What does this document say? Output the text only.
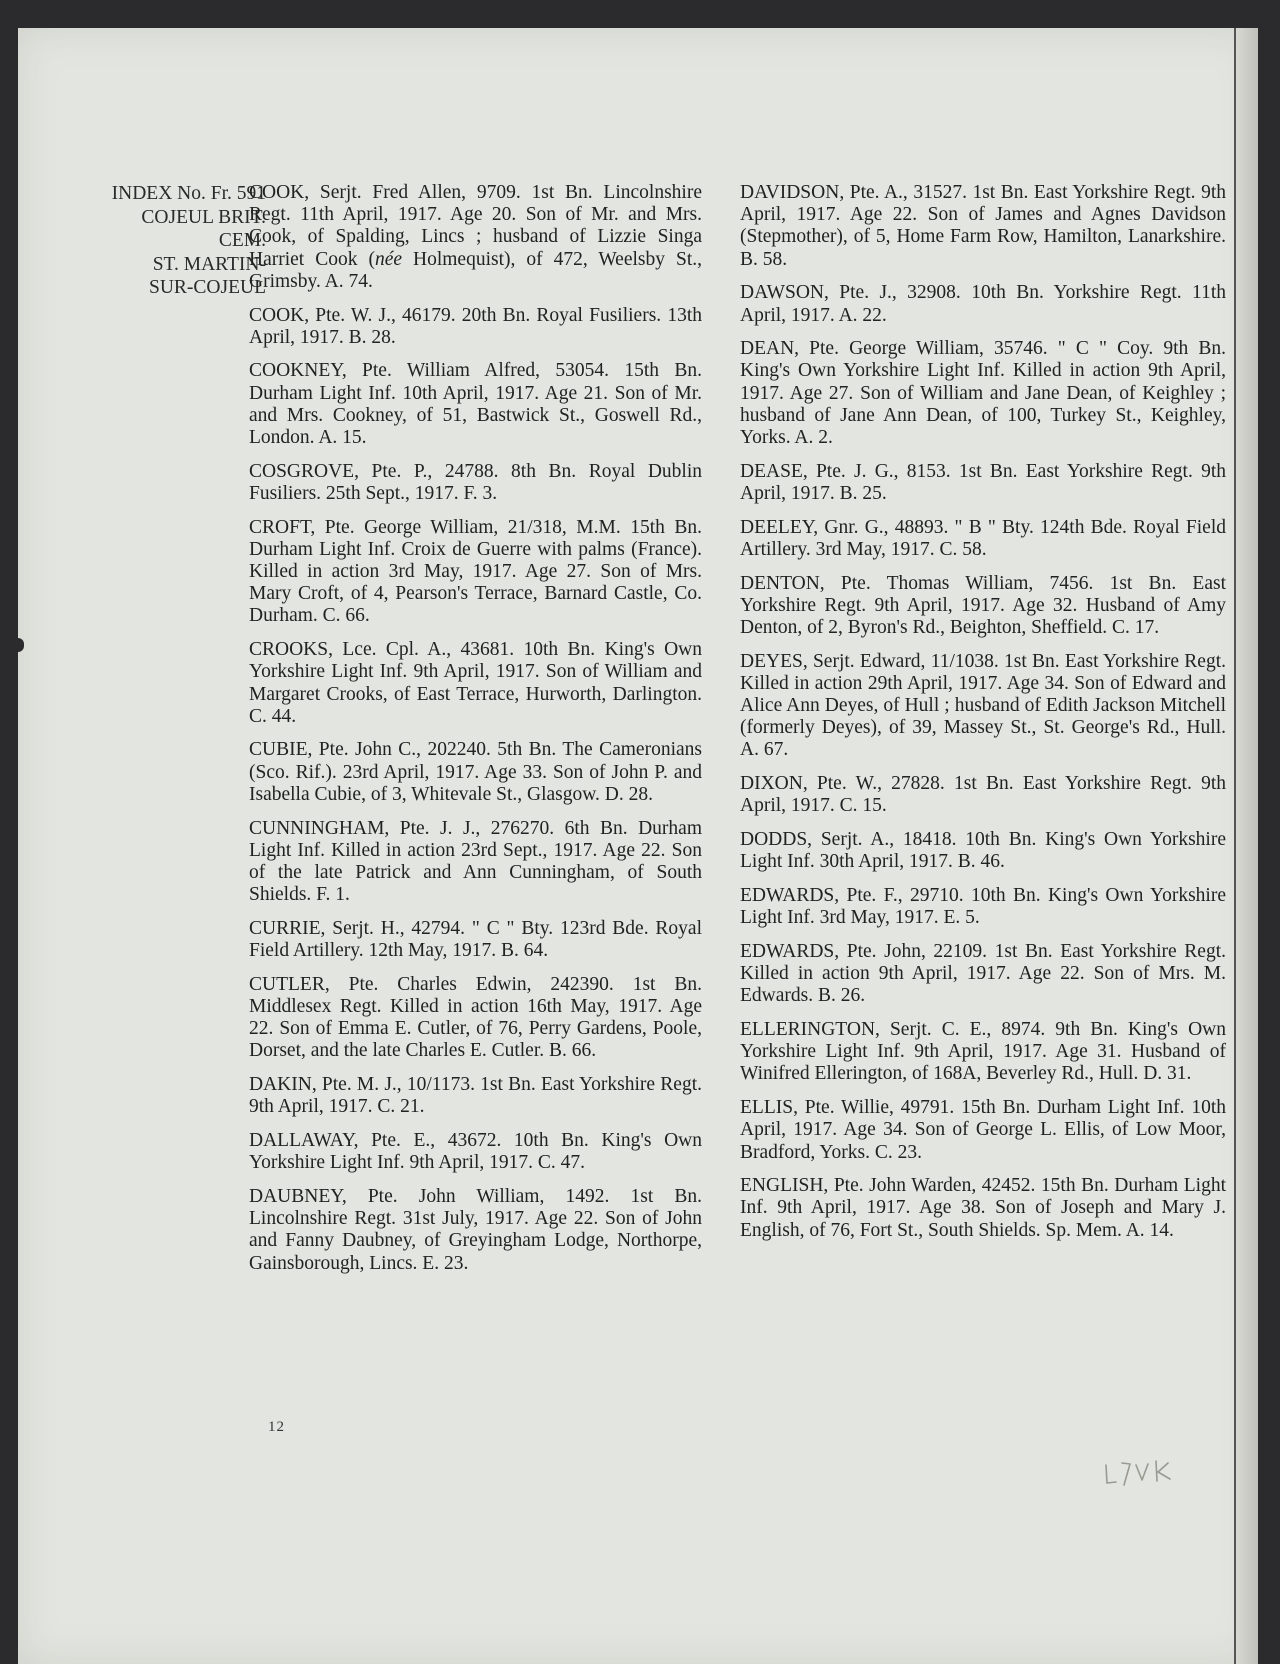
INDEX No. Fr. 591
COJEUL BRIT.
CEM.
ST. MARTIN-
SUR-COJEUL

COOK, Serjt. Fred Allen, 9709. 1st Bn. Lincolnshire Regt. 11th April, 1917. Age 20. Son of Mr. and Mrs. Cook, of Spalding, Lincs ; husband of Lizzie Singa Harriet Cook (née Holmequist), of 472, Weelsby St., Grimsby. A. 74.

COOK, Pte. W. J., 46179. 20th Bn. Royal Fusiliers. 13th April, 1917. B. 28.

COOKNEY, Pte. William Alfred, 53054. 15th Bn. Durham Light Inf. 10th April, 1917. Age 21. Son of Mr. and Mrs. Cookney, of 51, Bastwick St., Goswell Rd., London. A. 15.

COSGROVE, Pte. P., 24788. 8th Bn. Royal Dublin Fusiliers. 25th Sept., 1917. F. 3.

CROFT, Pte. George William, 21/318, M.M. 15th Bn. Durham Light Inf. Croix de Guerre with palms (France). Killed in action 3rd May, 1917. Age 27. Son of Mrs. Mary Croft, of 4, Pearson's Terrace, Barnard Castle, Co. Durham. C. 66.

CROOKS, Lce. Cpl. A., 43681. 10th Bn. King's Own Yorkshire Light Inf. 9th April, 1917. Son of William and Margaret Crooks, of East Terrace, Hurworth, Darlington. C. 44.

CUBIE, Pte. John C., 202240. 5th Bn. The Cameronians (Sco. Rif.). 23rd April, 1917. Age 33. Son of John P. and Isabella Cubie, of 3, Whitevale St., Glasgow. D. 28.

CUNNINGHAM, Pte. J. J., 276270. 6th Bn. Durham Light Inf. Killed in action 23rd Sept., 1917. Age 22. Son of the late Patrick and Ann Cunningham, of South Shields. F. 1.

CURRIE, Serjt. H., 42794. " C " Bty. 123rd Bde. Royal Field Artillery. 12th May, 1917. B. 64.

CUTLER, Pte. Charles Edwin, 242390. 1st Bn. Middlesex Regt. Killed in action 16th May, 1917. Age 22. Son of Emma E. Cutler, of 76, Perry Gardens, Poole, Dorset, and the late Charles E. Cutler. B. 66.

DAKIN, Pte. M. J., 10/1173. 1st Bn. East Yorkshire Regt. 9th April, 1917. C. 21.

DALLAWAY, Pte. E., 43672. 10th Bn. King's Own Yorkshire Light Inf. 9th April, 1917. C. 47.

DAUBNEY, Pte. John William, 1492. 1st Bn. Lincolnshire Regt. 31st July, 1917. Age 22. Son of John and Fanny Daubney, of Greyingham Lodge, Northorpe, Gainsborough, Lincs. E. 23.

DAVIDSON, Pte. A., 31527. 1st Bn. East Yorkshire Regt. 9th April, 1917. Age 22. Son of James and Agnes Davidson (Stepmother), of 5, Home Farm Row, Hamilton, Lanarkshire. B. 58.

DAWSON, Pte. J., 32908. 10th Bn. Yorkshire Regt. 11th April, 1917. A. 22.

DEAN, Pte. George William, 35746. " C " Coy. 9th Bn. King's Own Yorkshire Light Inf. Killed in action 9th April, 1917. Age 27. Son of William and Jane Dean, of Keighley ; husband of Jane Ann Dean, of 100, Turkey St., Keighley, Yorks. A. 2.

DEASE, Pte. J. G., 8153. 1st Bn. East Yorkshire Regt. 9th April, 1917. B. 25.

DEELEY, Gnr. G., 48893. " B " Bty. 124th Bde. Royal Field Artillery. 3rd May, 1917. C. 58.

DENTON, Pte. Thomas William, 7456. 1st Bn. East Yorkshire Regt. 9th April, 1917. Age 32. Husband of Amy Denton, of 2, Byron's Rd., Beighton, Sheffield. C. 17.

DEYES, Serjt. Edward, 11/1038. 1st Bn. East Yorkshire Regt. Killed in action 29th April, 1917. Age 34. Son of Edward and Alice Ann Deyes, of Hull ; husband of Edith Jackson Mitchell (formerly Deyes), of 39, Massey St., St. George's Rd., Hull. A. 67.

DIXON, Pte. W., 27828. 1st Bn. East Yorkshire Regt. 9th April, 1917. C. 15.

DODDS, Serjt. A., 18418. 10th Bn. King's Own Yorkshire Light Inf. 30th April, 1917. B. 46.

EDWARDS, Pte. F., 29710. 10th Bn. King's Own Yorkshire Light Inf. 3rd May, 1917. E. 5.

EDWARDS, Pte. John, 22109. 1st Bn. East Yorkshire Regt. Killed in action 9th April, 1917. Age 22. Son of Mrs. M. Edwards. B. 26.

ELLERINGTON, Serjt. C. E., 8974. 9th Bn. King's Own Yorkshire Light Inf. 9th April, 1917. Age 31. Husband of Winifred Ellerington, of 168A, Beverley Rd., Hull. D. 31.

ELLIS, Pte. Willie, 49791. 15th Bn. Durham Light Inf. 10th April, 1917. Age 34. Son of George L. Ellis, of Low Moor, Bradford, Yorks. C. 23.

ENGLISH, Pte. John Warden, 42452. 15th Bn. Durham Light Inf. 9th April, 1917. Age 38. Son of Joseph and Mary J. English, of 76, Fort St., South Shields. Sp. Mem. A. 14.

12
